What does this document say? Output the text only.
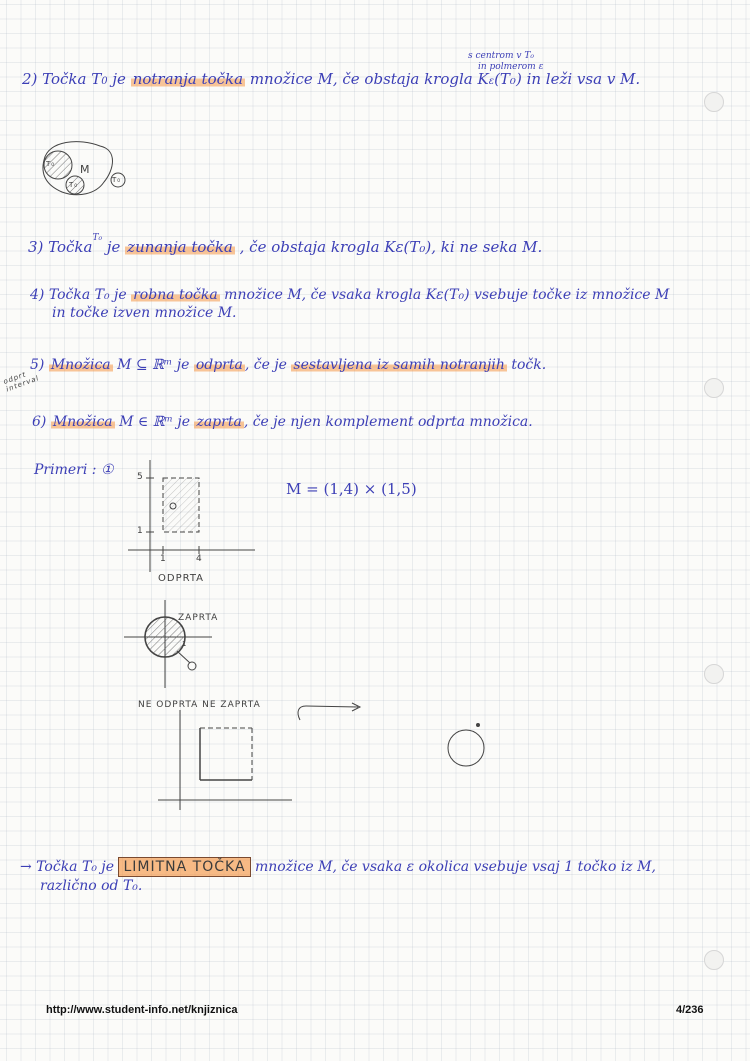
2) Točka T0 je notranja točka množice M, če obstaja krogla Kε(T₀) in leži vsa v M.
s centrom v T₀
in polmerom ε
3) Točka$^{T_0}$ je zunanja točka , če obstaja krogla Kε(T₀), ki ne seka M.
4) Točka T₀ je robna točka množice M, če vsaka krogla Kε(T₀) vsebuje točke iz množice M
in točke izven množice M.
5) Množica M ⊆ ℝᵐ je odprta , če je sestavljena iz samih notranjih točk.
odprt
interval
6) Množica M ∈ ℝᵐ je zaprta , če je njen komplement odprta množica.
Primeri : ①
M = (1,4) × (1,5)
M
T₀
T₀
T₀
5
1
1	4
ODPRTA
ZAPRTA
1
NE ODPRTA NE ZAPRTA
→ Točka T₀ je LIMITNA TOČKA množice M, če vsaka ε okolica vsebuje vsaj 1 točko iz M,
različno od T₀.
http://www.student-info.net/knjiznica	4/236
